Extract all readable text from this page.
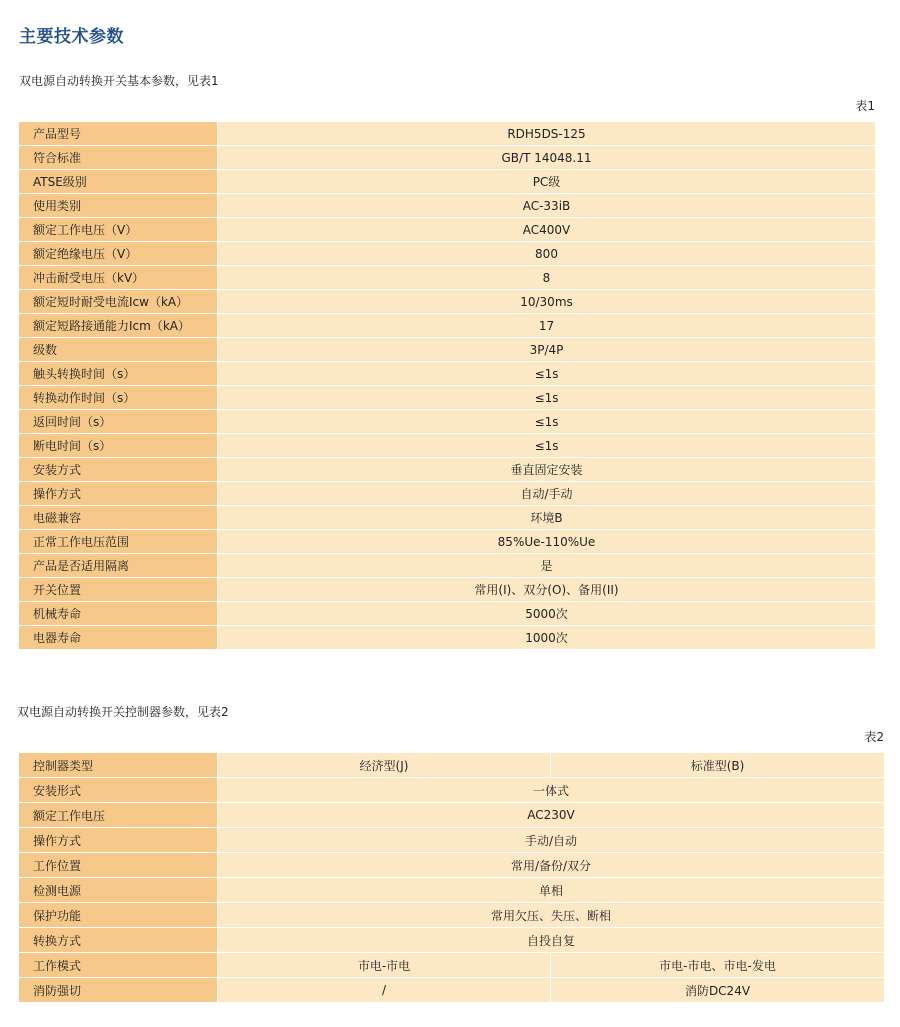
主要技术参数
双电源自动转换开关基本参数，见表1
表1
产品型号	RDH5DS-125
符合标准	GB/T 14048.11
ATSE级别	PC级
使用类别	AC-33iB
额定工作电压（V）	AC400V
额定绝缘电压（V）	800
冲击耐受电压（kV）	8
额定短时耐受电流Icw（kA）	10/30ms
额定短路接通能力Icm（kA）	17
级数	3P/4P
触头转换时间（s）	≤1s
转换动作时间（s）	≤1s
返回时间（s）	≤1s
断电时间（s）	≤1s
安装方式	垂直固定安装
操作方式	自动/手动
电磁兼容	环境B
正常工作电压范围	85%Ue-110%Ue
产品是否适用隔离	是
开关位置	常用(I)、双分(O)、备用(II)
机械寿命	5000次
电器寿命	1000次
双电源自动转换开关控制器参数，见表2
表2
控制器类型	经济型(J)	标准型(B)
安装形式	一体式	
额定工作电压	AC230V	
操作方式	手动/自动	
工作位置	常用/备份/双分	
检测电源	单相	
保护功能	常用欠压、失压、断相	
转换方式	自投自复	
工作模式	市电-市电	市电-市电、市电-发电
消防强切	/	消防DC24V
